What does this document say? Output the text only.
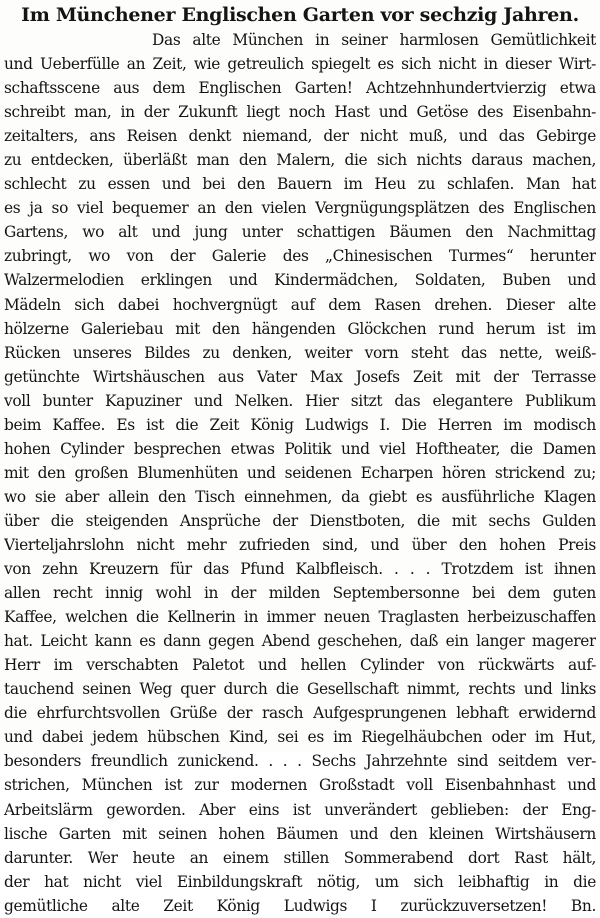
Im Münchener Englischen Garten vor sechzig Jahren.
Das alte München in seiner harmlosen Gemütlichkeit
und Ueberfülle an Zeit, wie getreulich spiegelt es sich nicht in dieser Wirt-
schaftsscene aus dem Englischen Garten! Achtzehnhundertvierzig etwa
schreibt man, in der Zukunft liegt noch Hast und Getöse des Eisenbahn-
zeitalters, ans Reisen denkt niemand, der nicht muß, und das Gebirge
zu entdecken, überläßt man den Malern, die sich nichts daraus machen,
schlecht zu essen und bei den Bauern im Heu zu schlafen. Man hat
es ja so viel bequemer an den vielen Vergnügungsplätzen des Englischen
Gartens, wo alt und jung unter schattigen Bäumen den Nachmittag
zubringt, wo von der Galerie des „Chinesischen Turmes“ herunter
Walzermelodien erklingen und Kindermädchen, Soldaten, Buben und
Mädeln sich dabei hochvergnügt auf dem Rasen drehen. Dieser alte
hölzerne Galeriebau mit den hängenden Glöckchen rund herum ist im
Rücken unseres Bildes zu denken, weiter vorn steht das nette, weiß-
getünchte Wirtshäuschen aus Vater Max Josefs Zeit mit der Terrasse
voll bunter Kapuziner und Nelken. Hier sitzt das elegantere Publikum
beim Kaffee. Es ist die Zeit König Ludwigs I. Die Herren im modisch
hohen Cylinder besprechen etwas Politik und viel Hoftheater, die Damen
mit den großen Blumenhüten und seidenen Echarpen hören strickend zu;
wo sie aber allein den Tisch einnehmen, da giebt es ausführliche Klagen
über die steigenden Ansprüche der Dienstboten, die mit sechs Gulden
Vierteljahrslohn nicht mehr zufrieden sind, und über den hohen Preis
von zehn Kreuzern für das Pfund Kalbfleisch. . . . Trotzdem ist ihnen
allen recht innig wohl in der milden Septembersonne bei dem guten
Kaffee, welchen die Kellnerin in immer neuen Traglasten herbeizuschaffen
hat. Leicht kann es dann gegen Abend geschehen, daß ein langer magerer
Herr im verschabten Paletot und hellen Cylinder von rückwärts auf-
tauchend seinen Weg quer durch die Gesellschaft nimmt, rechts und links
die ehrfurchtsvollen Grüße der rasch Aufgesprungenen lebhaft erwidernd
und dabei jedem hübschen Kind, sei es im Riegelhäubchen oder im Hut,
besonders freundlich zunickend. . . . Sechs Jahrzehnte sind seitdem ver-
strichen, München ist zur modernen Großstadt voll Eisenbahnhast und
Arbeitslärm geworden. Aber eins ist unverändert geblieben: der Eng-
lische Garten mit seinen hohen Bäumen und den kleinen Wirtshäusern
darunter. Wer heute an einem stillen Sommerabend dort Rast hält,
der hat nicht viel Einbildungskraft nötig, um sich leibhaftig in die
gemütliche alte Zeit König Ludwigs I zurückzuversetzen! Bn.
